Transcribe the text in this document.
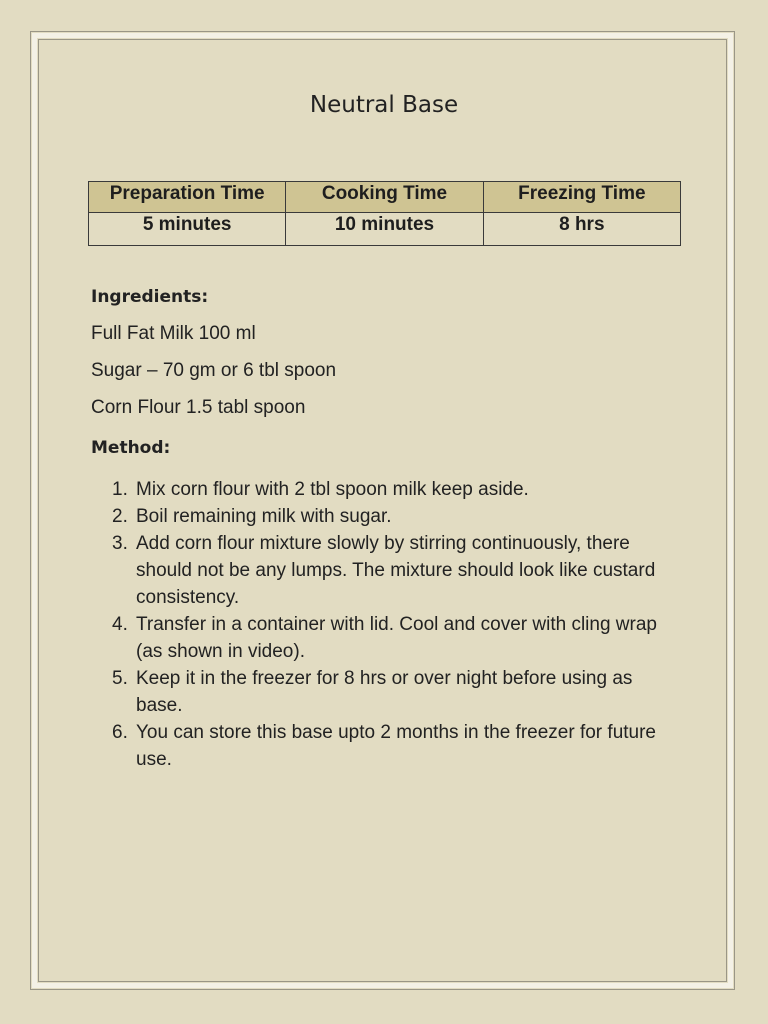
Neutral Base
Preparation Time	Cooking Time	Freezing Time
5 minutes	10 minutes	8 hrs
Ingredients:
Full Fat Milk 100 ml
Sugar – 70 gm or 6 tbl spoon
Corn Flour 1.5 tabl spoon
Method:
1. Mix corn flour with 2 tbl spoon milk keep aside.
2. Boil remaining milk with sugar.
3. Add corn flour mixture slowly by stirring continuously, there should not be any lumps. The mixture should look like custard consistency.
4. Transfer in a container with lid. Cool and cover with cling wrap (as shown in video).
5. Keep it in the freezer for 8 hrs or over night before using as base.
6. You can store this base upto 2 months in the freezer for future use.
